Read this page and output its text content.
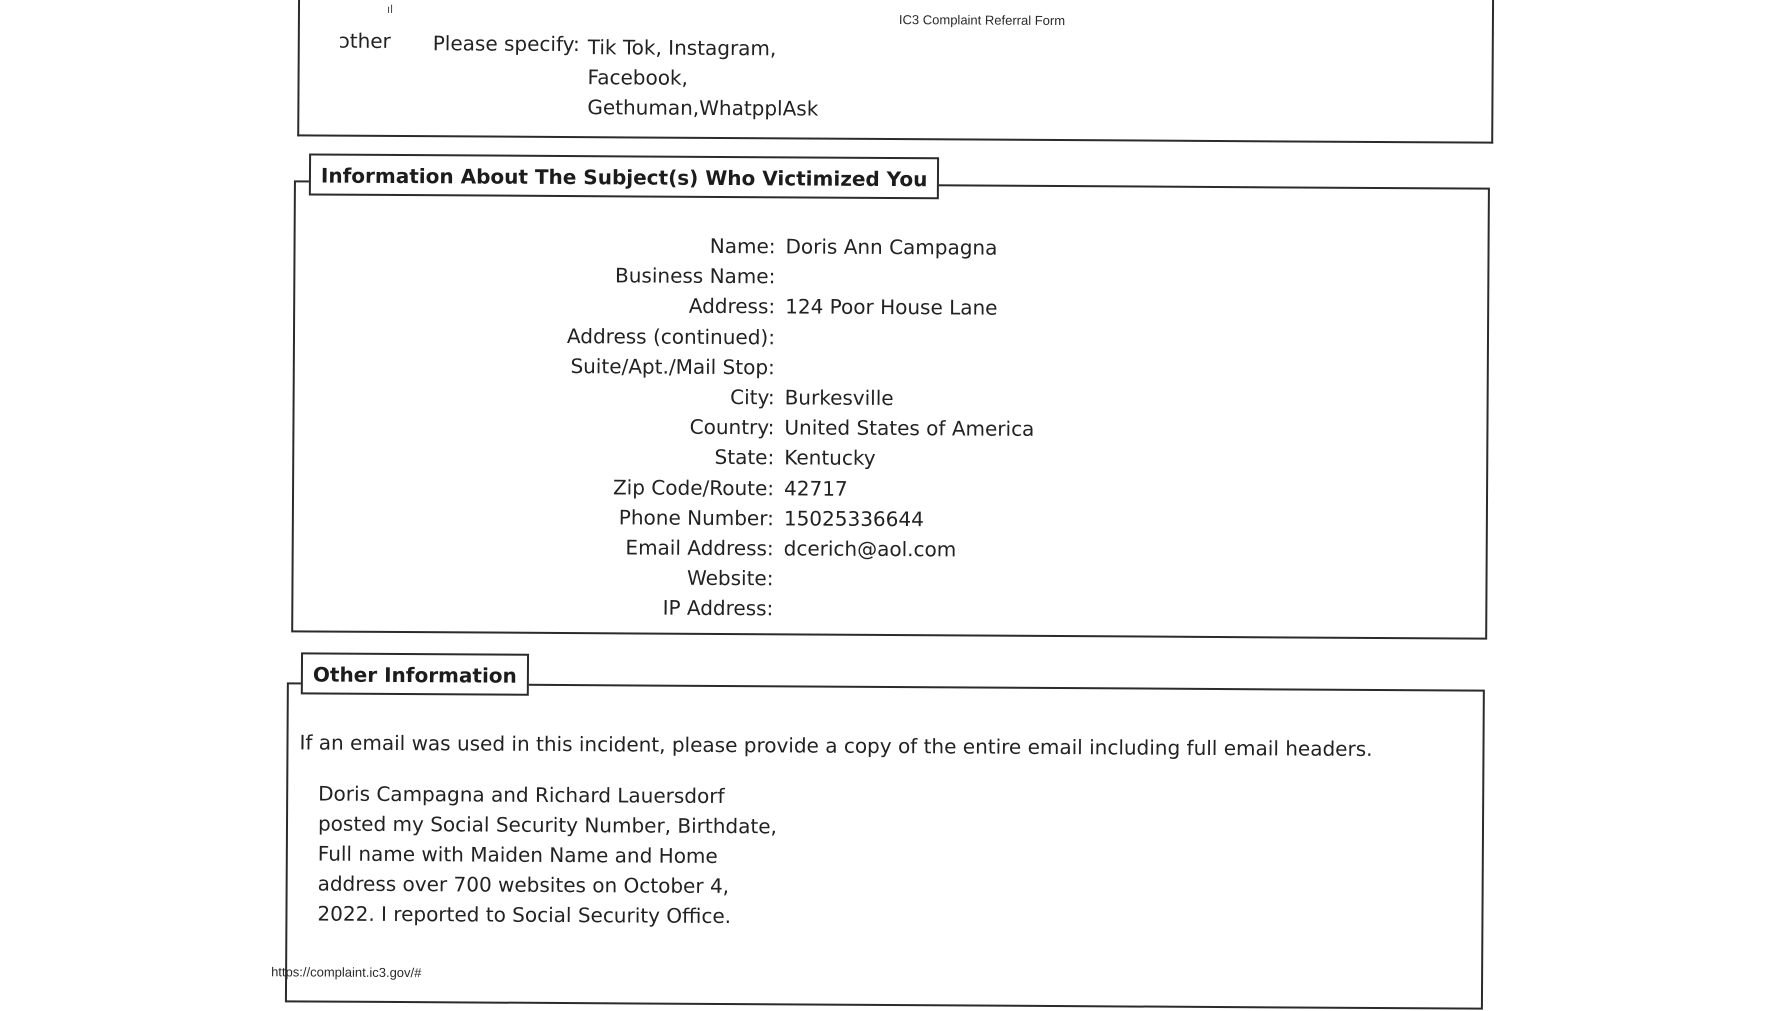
ıl
IC3 Complaint Referral Form
ɔther Please specify: Tik Tok, Instagram,
Facebook,
Gethuman,WhatpplAsk
Information About The Subject(s) Who Victimized You
Name: Doris Ann Campagna
Business Name:
Address: 124 Poor House Lane
Address (continued):
Suite/Apt./Mail Stop:
City: Burkesville
Country: United States of America
State: Kentucky
Zip Code/Route: 42717
Phone Number: 15025336644
Email Address: dcerich@aol.com
Website:
IP Address:
Other Information
If an email was used in this incident, please provide a copy of the entire email including full email headers.
Doris Campagna and Richard Lauersdorf
posted my Social Security Number, Birthdate,
Full name with Maiden Name and Home
address over 700 websites on October 4,
2022. I reported to Social Security Office.
https://complaint.ic3.gov/#
